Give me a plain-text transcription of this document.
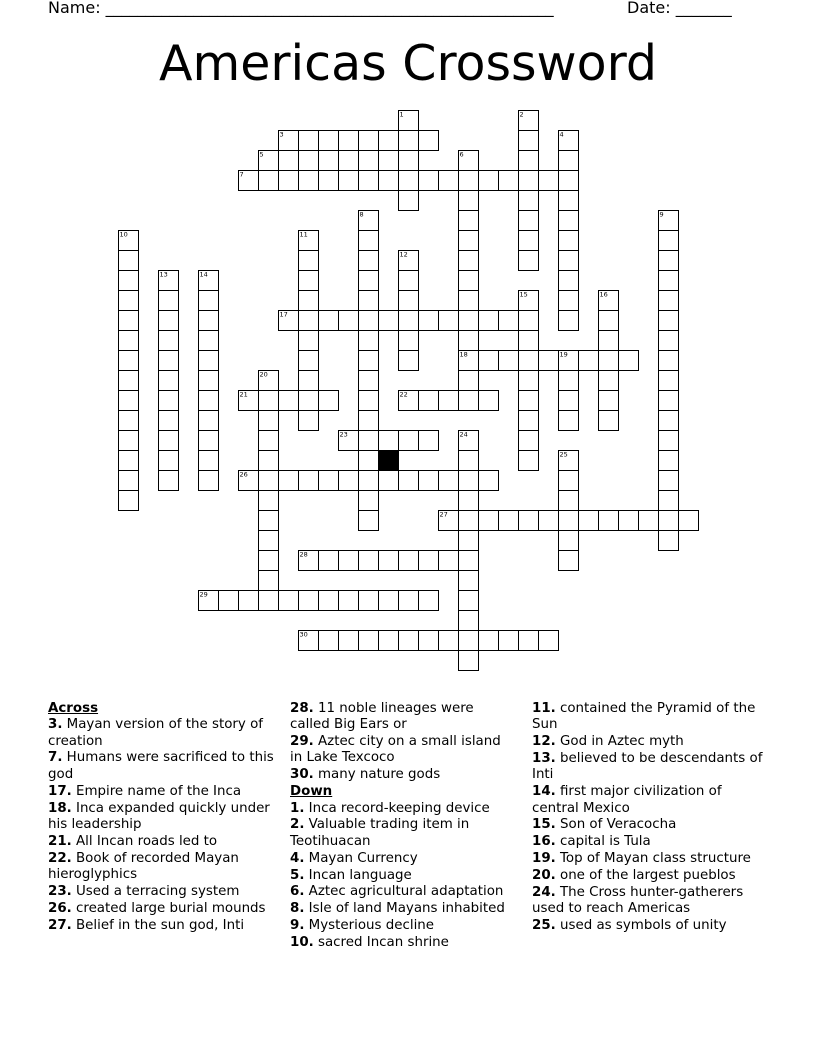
Name: ________________________________________________________	Date: _______
Americas Crossword
1	2
3	4
5	6
7
8	9
10	11
12
13	14
15	16
17
18	19
20
21	22
23	24
25
26
27
28
29
30
Across
3. Mayan version of the story of creation
7. Humans were sacrificed to this god
17. Empire name of the Inca
18. Inca expanded quickly under his leadership
21. All Incan roads led to
22. Book of recorded Mayan hieroglyphics
23. Used a terracing system
26. created large burial mounds
27. Belief in the sun god, Inti
28. 11 noble lineages were called Big Ears or
29. Aztec city on a small island in Lake Texcoco
30. many nature gods
Down
1. Inca record-keeping device
2. Valuable trading item in Teotihuacan
4. Mayan Currency
5. Incan language
6. Aztec agricultural adaptation
8. Isle of land Mayans inhabited
9. Mysterious decline
10. sacred Incan shrine
11. contained the Pyramid of the Sun
12. God in Aztec myth
13. believed to be descendants of Inti
14. first major civilization of central Mexico
15. Son of Veracocha
16. capital is Tula
19. Top of Mayan class structure
20. one of the largest pueblos
24. The Cross hunter-gatherers used to reach Americas
25. used as symbols of unity
